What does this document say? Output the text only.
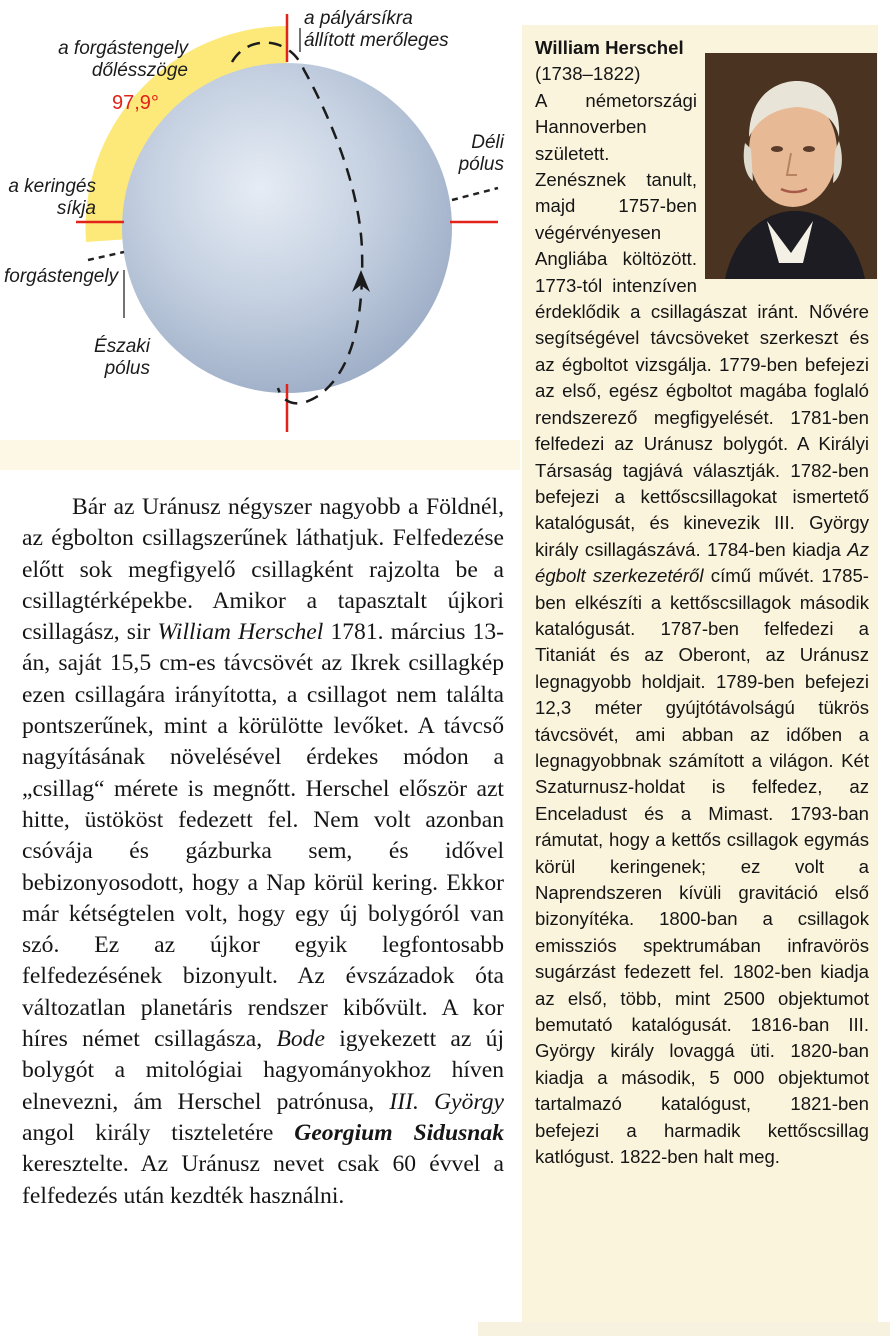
a forgástengely
dőlésszöge
97,9°
a pályársíkra
állított merőleges
Déli
pólus
a keringés
síkja
forgástengely
Északi
pólus

Bár az Uránusz négyszer nagyobb a Földnél, az égbolton csillagszerűnek láthatjuk. Felfedezése előtt sok megfigyelő csillagként rajzolta be a csillagtérképekbe. Amikor a tapasztalt újkori csillagász, sir William Herschel 1781. március 13-án, saját 15,5 cm-es távcsövét az Ikrek csillagkép ezen csillagára irányította, a csillagot nem találta pontszerűnek, mint a körülötte levőket. A távcső nagyításának növelésével érdekes módon a „csillag“ mérete is megnőtt. Herschel először azt hitte, üstököst fedezett fel. Nem volt azonban csóvája és gázburka sem, és idővel bebizonyosodott, hogy a Nap körül kering. Ekkor már kétségtelen volt, hogy egy új bolygóról van szó. Ez az újkor egyik legfontosabb felfedezésének bizonyult. Az évszázadok óta változatlan planetáris rendszer kibővült. A kor híres német csillagásza, Bode igyekezett az új bolygót a mitológiai hagyományokhoz híven elnevezni, ám Herschel patrónusa, III. György angol király tiszteletére Georgium Sidusnak keresztelte. Az Uránusz nevet csak 60 évvel a felfedezés után kezdték használni.

William Herschel
(1738–1822)
A németországi Hannoverben született. Zenésznek tanult, majd 1757-ben végérvényesen Angliába költözött. 1773-tól intenzíven érdeklődik a csillagászat iránt. Nővére segítségével távcsöveket szerkeszt és az égboltot vizsgálja. 1779-ben befejezi az első, egész égboltot magába foglaló rendszerező megfigyelését. 1781-ben felfedezi az Uránusz bolygót. A Királyi Társaság tagjává választják. 1782-ben befejezi a kettőscsillagokat ismertető katalógusát, és kinevezik III. György király csillagászává. 1784-ben kiadja Az égbolt szerkezetéről című művét. 1785-ben elkészíti a kettőscsillagok második katalógusát. 1787-ben felfedezi a Titaniát és az Oberont, az Uránusz legnagyobb holdjait. 1789-ben befejezi 12,3 méter gyújtótávolságú tükrös távcsövét, ami abban az időben a legnagyobbnak számított a világon. Két Szaturnusz-holdat is felfedez, az Enceladust és a Mimast. 1793-ban rámutat, hogy a kettős csillagok egymás körül keringenek; ez volt a Naprendszeren kívüli gravitáció első bizonyítéka. 1800-ban a csillagok emissziós spektrumában infravörös sugárzást fedezett fel. 1802-ben kiadja az első, több, mint 2500 objektumot bemutató katalógusát. 1816-ban III. György király lovaggá üti. 1820-ban kiadja a második, 5 000 objektumot tartalmazó katalógust, 1821-ben befejezi a harmadik kettőscsillag katlógust. 1822-ben halt meg.
